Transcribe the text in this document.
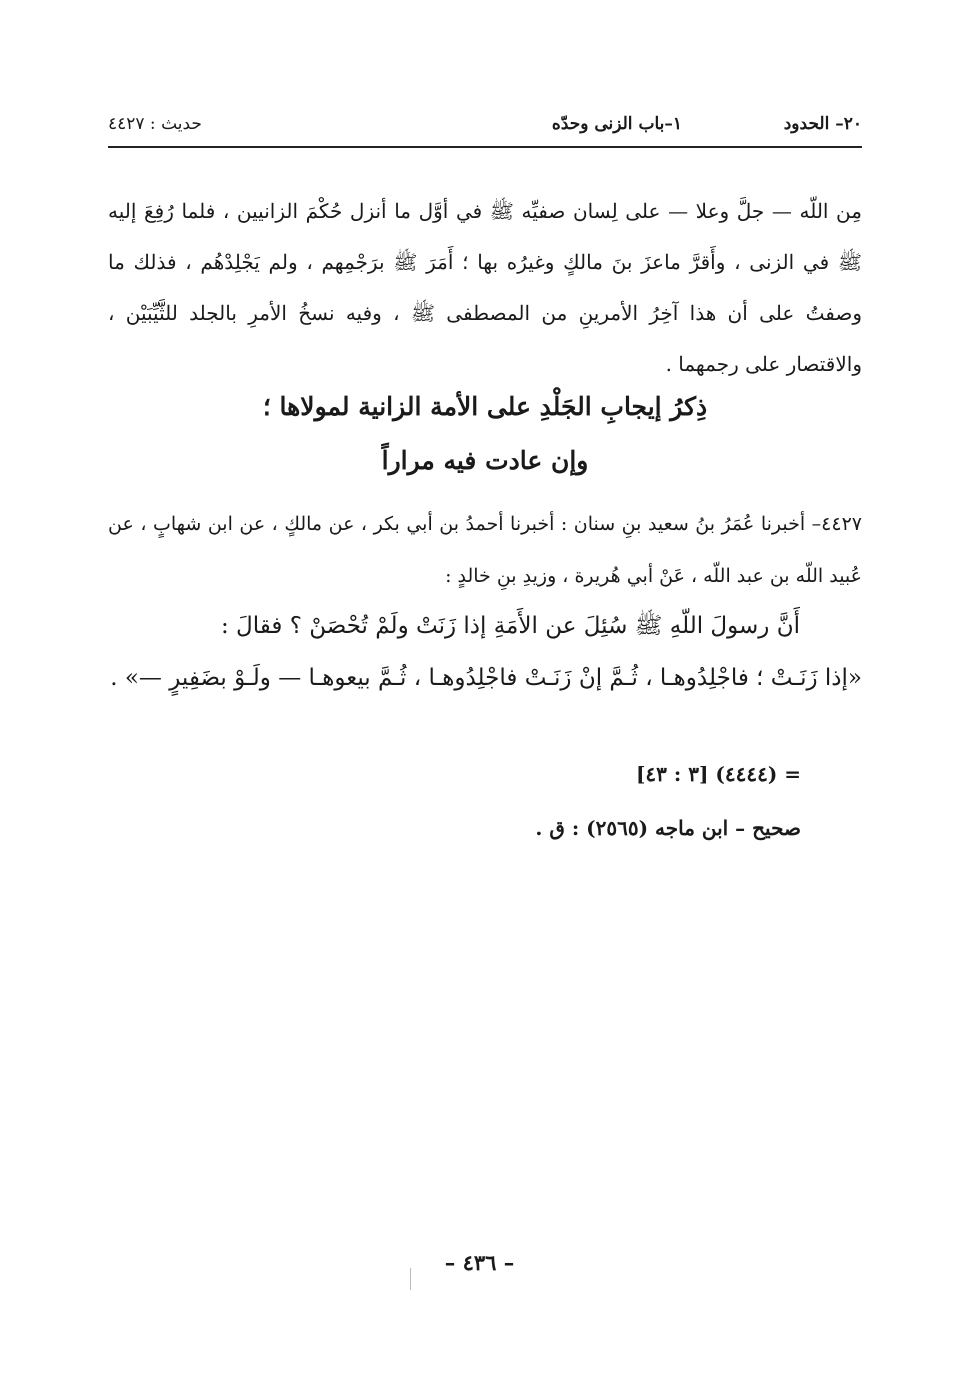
٢٠– الحدود
١–باب الزنى وحدّه
حديث : ٤٤٢٧

مِن اللّه — جلَّ وعلا — على لِسان صفيِّه ﷺ في أوَّل ما أنزل حُكْمَ الزانيين ، فلما رُفِعَ إليه ﷺ في الزنى ، وأَقرَّ ماعزَ بنَ مالكٍ وغيرُه بها ؛ أَمَرَ ﷺ برَجْمِهم ، ولم يَجْلِدْهُم ، فذلك ما وصفتُ على أن هذا آخِرُ الأمرينِ من المصطفى ﷺ ، وفيه نسخُ الأمرِ بالجلد للثَّيِّبَيْن ، والاقتصار على رجمهما .

ذِكرُ إيجابِ الجَلْدِ على الأمة الزانية لمولاها ؛
وإن عادت فيه مراراً

٤٤٢٧– أخبرنا عُمَرُ بنُ سعيد بنِ سنان : أخبرنا أحمدُ بن أبي بكر ، عن مالكٍ ، عن ابن شهابٍ ، عن عُبيد اللّه بن عبد اللّه ، عَنْ أبي هُريرة ، وزيدِ بنِ خالدٍ :

أَنَّ رسولَ اللّهِ ﷺ سُئِلَ عن الأَمَةِ إذا زَنَتْ ولَمْ تُحْصَنْ ؟ فقالَ :
«إذا زَنَـتْ ؛ فاجْلِدُوهـا ، ثُـمَّ إنْ زَنَـتْ فاجْلِدُوهـا ، ثُـمَّ بيعوهـا — ولَـوْ بضَفِيرٍ —» .
= (٤٤٤٤) [٣ : ٤٣]
صحيح – ابن ماجه (٢٥٦٥) : ق .
– ٤٣٦ –
